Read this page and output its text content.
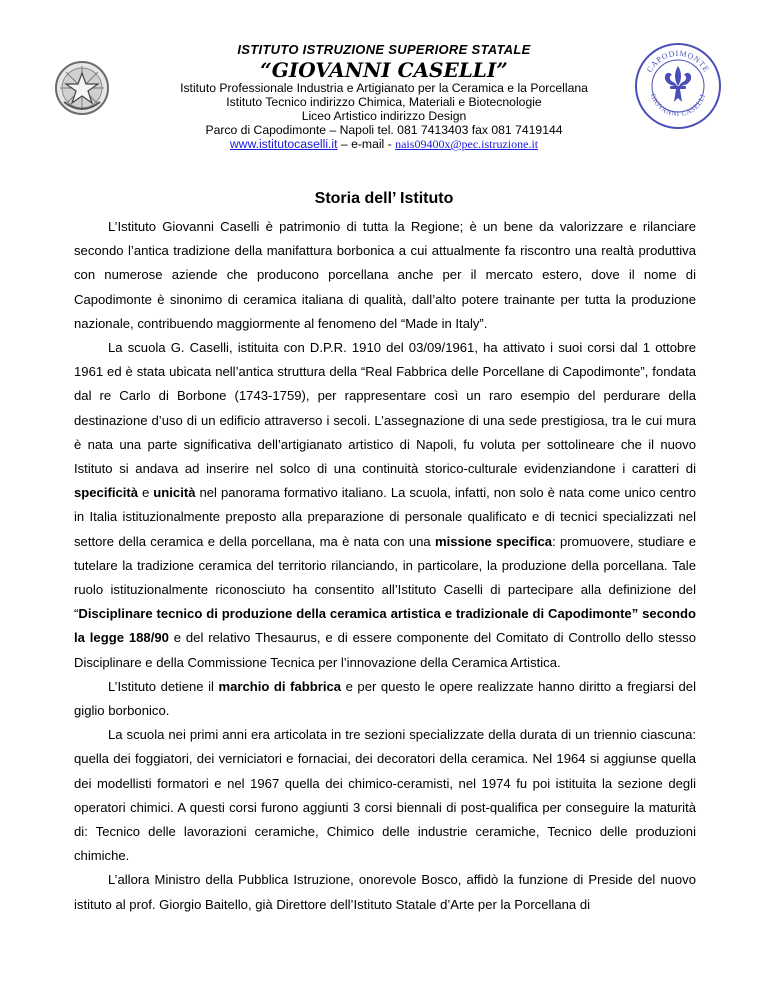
ISTITUTO ISTRUZIONE SUPERIORE STATALE
“GIOVANNI CASELLI”
Istituto Professionale Industria e Artigianato per la Ceramica e la Porcellana
Istituto Tecnico indirizzo Chimica, Materiali e Biotecnologie
Liceo Artistico indirizzo Design
Parco di Capodimonte – Napoli tel. 081 7413403 fax 081 7419144
www.istitutocaselli.it – e-mail - nais09400x@pec.istruzione.it
CAPODIMONTE
GIOVANNI CASELLI
Storia dell’ Istituto

L’Istituto Giovanni Caselli è patrimonio di tutta la Regione; è un bene da valorizzare e rilanciare secondo l’antica tradizione della manifattura borbonica a cui attualmente fa riscontro una realtà produttiva con numerose aziende che producono porcellana anche per il mercato estero, dove il nome di Capodimonte è sinonimo di ceramica italiana di qualità, dall’alto potere trainante per tutta la produzione nazionale, contribuendo maggiormente al fenomeno del “Made in Italy”.

La scuola G. Caselli, istituita con D.P.R. 1910 del 03/09/1961, ha attivato i suoi corsi dal 1 ottobre 1961 ed è stata ubicata nell’antica struttura della “Real Fabbrica delle Porcellane di Capodimonte”, fondata dal re Carlo di Borbone (1743-1759), per rappresentare così un raro esempio del perdurare della destinazione d’uso di un edificio attraverso i secoli. L’assegnazione di una sede prestigiosa, tra le cui mura è nata una parte significativa dell’artigianato artistico di Napoli, fu voluta per sottolineare che il nuovo Istituto si andava ad inserire nel solco di una continuità storico-culturale evidenziandone i caratteri di specificità e unicità nel panorama formativo italiano. La scuola, infatti, non solo è nata come unico centro in Italia istituzionalmente preposto alla preparazione di personale qualificato e di tecnici specializzati nel settore della ceramica e della porcellana, ma è nata con una missione specifica: promuovere, studiare e tutelare la tradizione ceramica del territorio rilanciando, in particolare, la produzione della porcellana. Tale ruolo istituzionalmente riconosciuto ha consentito all’Istituto Caselli di partecipare alla definizione del “Disciplinare tecnico di produzione della ceramica artistica e tradizionale di Capodimonte” secondo la legge 188/90 e del relativo Thesaurus, e di essere componente del Comitato di Controllo dello stesso Disciplinare e della Commissione Tecnica per l’innovazione della Ceramica Artistica.

L’Istituto detiene il marchio di fabbrica e per questo le opere realizzate hanno diritto a fregiarsi del giglio borbonico.

La scuola nei primi anni era articolata in tre sezioni specializzate della durata di un triennio ciascuna: quella dei foggiatori, dei verniciatori e fornaciai, dei decoratori della ceramica. Nel 1964 si aggiunse quella dei modellisti formatori e nel 1967 quella dei chimico-ceramisti, nel 1974 fu poi istituita la sezione degli operatori chimici. A questi corsi furono aggiunti 3 corsi biennali di post-qualifica per conseguire la maturità di: Tecnico delle lavorazioni ceramiche, Chimico delle industrie ceramiche, Tecnico delle produzioni chimiche.

L’allora Ministro della Pubblica Istruzione, onorevole Bosco, affidò la funzione di Preside del nuovo istituto al prof. Giorgio Baitello, già Direttore dell’Istituto Statale d’Arte per la Porcellana di
